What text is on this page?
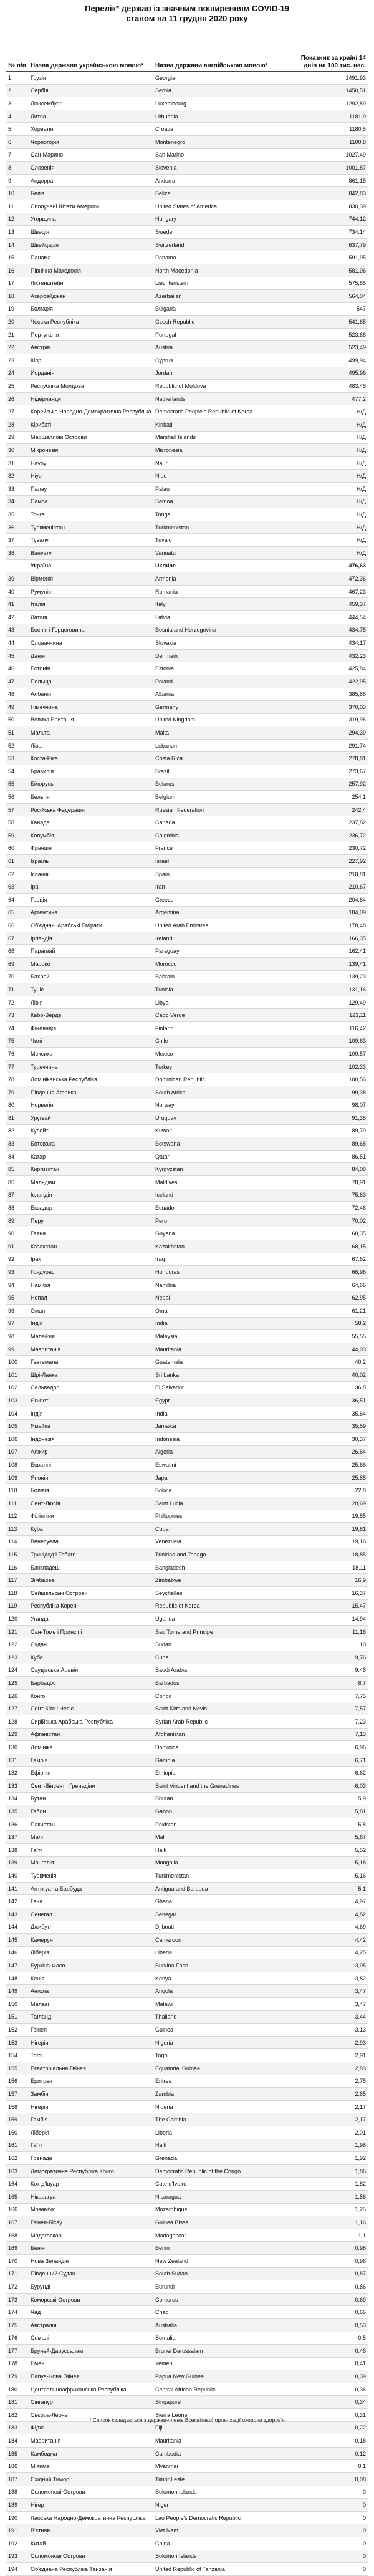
Перелік* держав із значним поширенням COVID-19
станом на 11 грудня 2020 року
№ п/п	Назва держави українською мовою*	Назва держави англійською мовою*	Показник за країні 14 днів на 100 тис. нас.
1	Грузія	Georgia	1491,93
2	Сербія	Serbia	1450,51
3	Люксембург	Luxembourg	1292,89
4	Литва	Lithuania	1181,9
5	Хорватія	Croatia	1180,5
6	Чорногорія	Montenegro	1100,8
7	Сан-Марино	San Marino	1027,49
8	Словенія	Slovenia	1001,87
9	Андорра	Andorra	861,15
10	Беліз	Belize	842,83
11	Сполучені Штати Америки	United States of America	830,39
12	Угорщина	Hungary	744,12
13	Швеція	Sweden	734,14
14	Швейцарія	Switzerland	637,79
15	Панама	Panama	591,95
16	Північна Македонія	North Macedonia	581,96
17	Ліхтенштейн	Liechtenstein	575,85
18	Азербайджан	Azerbaijan	564,04
19	Болгарія	Bulgaria	547
20	Чеська Республіка	Czech Republic	541,65
21	Португалія	Portugal	523,68
22	Австрія	Austria	523,49
23	Кіпр	Cyprus	499,94
24	Йорданія	Jordan	495,96
25	Республіка Молдова	Republic of Moldova	483,48
26	Нідерланди	Netherlands	477,2
27	Корейська Народно-Демократична Республіка	Democratic People's Republic of Korea	Н/Д
28	Кірибаті	Kiribati	Н/Д
29	Маршаллові Острови	Marshall Islands	Н/Д
30	Мікронезія	Micronesia	Н/Д
31	Науру	Nauru	Н/Д
32	Ніуе	Niue	Н/Д
33	Палау	Palau	Н/Д
34	Самоа	Samoa	Н/Д
35	Тонга	Tonga	Н/Д
36	Туркменістан	Turkmenistan	Н/Д
37	Тувалу	Tuvalu	Н/Д
38	Вануату	Vanuatu	Н/Д
	Україна	Ukraine	476,63
39	Вірменія	Armenia	472,36
40	Румунія	Romania	467,23
41	Італія	Italy	459,37
42	Латвія	Latvia	444,54
43	Боснія і Герцеговина	Bosnia and Herzegovina	434,75
44	Словаччина	Slovakia	434,17
45	Данія	Denmark	432,23
46	Естонія	Estonia	425,84
47	Польща	Poland	422,95
48	Албанія	Albania	385,86
49	Німеччина	Germany	370,03
50	Велика Британія	United Kingdom	319,96
51	Мальта	Malta	294,39
52	Ліван	Lebanon	291,74
53	Коста-Ріка	Costa Rica	278,81
54	Бразилія	Brazil	273,67
55	Білорусь	Belarus	257,92
56	Бельгія	Belgium	254,1
57	Російська Федерація	Russian Federation	242,4
58	Канада	Canada	237,82
59	Колумбія	Colombia	236,72
60	Франція	France	230,72
61	Ізраїль	Israel	227,92
62	Іспанія	Spain	218,81
63	Іран	Iran	210,67
64	Греція	Greece	204,64
65	Аргентина	Argentina	184,09
66	Об'єднані Арабські Емірати	United Arab Emirates	178,48
67	Ірландія	Ireland	166,35
68	Парагвай	Paraguay	162,41
69	Мароко	Morocco	139,41
70	Бахрейн	Bahrain	139,23
71	Туніс	Tunisia	131,16
72	Лівія	Libya	129,49
73	Кабо-Верде	Cabo Verde	123,11
74	Фінляндія	Finland	116,42
75	Чилі	Chile	109,63
76	Мексика	Mexico	109,57
77	Туреччина	Turkey	102,33
78	Домініканська Республіка	Dominican Republic	100,56
79	Південна Африка	South Africa	99,38
80	Норвегія	Norway	98,07
81	Уругвай	Uruguay	91,35
82	Кувейт	Kuwait	89,79
83	Ботсвана	Botswana	89,68
84	Катар	Qatar	86,51
85	Киргизстан	Kyrgyzstan	84,08
86	Мальдіви	Maldives	78,91
87	Ісландія	Iceland	75,63
88	Еквадор	Ecuador	72,46
89	Перу	Peru	70,02
90	Гаяна	Guyana	68,35
91	Казахстан	Kazakhstan	68,15
92	Ірак	Iraq	67,62
93	Гондурас	Honduras	66,96
94	Намібія	Namibia	64,66
95	Непал	Nepal	62,95
96	Оман	Oman	61,21
97	Індія	India	58,2
98	Малайзія	Malaysia	55,55
99	Мавританія	Mauritania	44,03
100	Гватемала	Guatemala	40,2
101	Шрі-Ланка	Sri Lanka	40,02
102	Сальвадор	El Salvador	36,8
103	Єгипет	Egypt	36,51
104	Індія	India	35,64
105	Ямайка	Jamaica	35,59
106	Індонезія	Indonesia	30,37
107	Алжир	Algeria	26,64
108	Есватіні	Eswatini	25,66
109	Японія	Japan	25,85
110	Болівія	Bolivia	22,8
111	Сент-Люсія	Saint Lucia	20,69
112	Філіппіни	Philippines	19,85
113	Куба	Cuba	19,81
114	Венесуела	Venezuela	19,16
115	Тринідад і Тобаго	Trinidad and Tobago	18,85
116	Бангладеш	Bangladesh	18,11
117	Зімбабве	Zimbabwe	16,9
118	Сейшельські Острови	Seychelles	16,37
119	Республіка Корея	Republic of Korea	15,47
120	Уганда	Uganda	14,94
121	Сан-Томе і Принсіпі	Sao Tome and Principe	11,16
122	Судан	Sudan	10
123	Куба	Cuba	9,76
124	Саудівська Аравія	Saudi Arabia	9,48
125	Барбадос	Barbados	8,7
126	Конго	Congo	7,75
127	Сент-Кітс і Невіс	Saint Kitts and Nevis	7,57
128	Сирійська Арабська Республіка	Syrian Arab Republic	7,23
129	Афганістан	Afghanistan	7,13
130	Домініка	Dominica	6,96
131	Гамбія	Gambia	6,71
132	Ефіопія	Ethiopia	6,62
133	Сент-Вінсент і Гренадіни	Saint Vincent and the Grenadines	6,03
134	Бутан	Bhutan	5,9
135	Габон	Gabon	5,81
136	Пакистан	Pakistan	5,8
137	Малі	Mali	5,67
138	Гаїті	Haiti	5,52
139	Монголія	Mongolia	5,18
140	Туркменія	Turkmenistan	5,16
141	Антигуа та Барбуда	Antigua and Barbuda	5,1
142	Гана	Ghana	4,97
143	Сенегал	Senegal	4,82
144	Джибуті	Djibouti	4,69
145	Камерун	Cameroon	4,42
146	Ліберія	Liberia	4,25
147	Буркіна-Фасо	Burkina Faso	3,95
148	Кенія	Kenya	3,82
149	Ангола	Angola	3,47
150	Малаві	Malawi	3,47
151	Таїланд	Thailand	3,44
152	Гвінея	Guinea	3,13
153	Нігерія	Nigeria	2,93
154	Того	Togo	2,91
155	Екваторіальна Гвінея	Equatorial Guinea	2,83
156	Еритрея	Eritrea	2,75
157	Замбія	Zambia	2,65
158	Нігерія	Nigeria	2,17
159	Гамбія	The Gambia	2,17
160	Ліберія	Liberia	2,01
161	Гаїті	Haiti	1,98
162	Гренада	Grenada	1,92
163	Демократична Республіка Конго	Democratic Republic of the Congo	1,86
164	Кот-д'Івуар	Cote d'Ivoire	1,82
165	Нікарагуа	Nicaragua	1,56
166	Мозамбік	Mozambique	1,25
167	Гвінея-Бісау	Guinea Bissau	1,16
168	Мадагаскар	Madagascar	1,1
169	Бенін	Benin	0,98
170	Нова Зеландія	New Zealand	0,96
171	Південний Судан	South Sudan	0,87
172	Бурунді	Burundi	0,86
173	Коморські Острови	Comoros	0,69
174	Чад	Chad	0,66
175	Австралія	Australia	0,53
176	Сомалі	Somalia	0,5
177	Бруней-Даруссалам	Brunei Darussalam	0,46
178	Емен	Yemen	0,41
179	Папуа-Нова Гвінея	Papua New Guinea	0,39
180	Центральноафриканська Республіка	Central African Republic	0,36
181	Сінгапур	Singapore	0,34
182	Сьєрра-Леоне	Sierra Leone	0,31
183	Фіджі	Fiji	0,22
184	Мавританія	Mauritania	0,18
185	Камбоджа	Cambodia	0,12
186	М'янма	Myanmar	0,1
187	Східний Тимор	Timor Leste	0,08
188	Соломонові Острови	Solomon Islands	0
189	Нігер	Niger	0
190	Лаоська Народно-Демократична Республіка	Lao People's Democratic Republic	0
191	В'єтнам	Viet Nam	0
192	Китай	China	0
193	Соломонові Острови	Solomon Islands	0
194	Об'єднана Республіка Танзанія	United Republic of Tanzania	0
* Список складається з держав-членів Всесвітньої організації охорони здоров'я
